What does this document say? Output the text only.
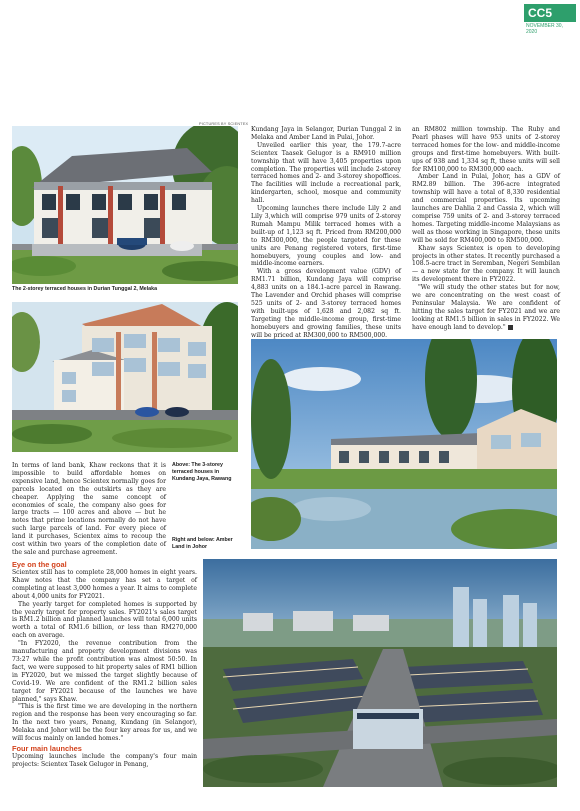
CC5
NOVEMBER 30,
2020
PICTURES BY SCIENTEX
The 2-storey terraced houses in Durian Tunggal 2, Melaka

Kundang Jaya in Selangor, Durian Tunggal 2 in Melaka and Amber Land in Pulai, Johor.

Unveiled earlier this year, the 179.7-acre Scientex Taasek Gelugor is a RM910 million township that will have 3,405 properties upon completion. The properties will include 2-storey terraced homes and 2- and 3-storey shopoffices. The facilities will include a recreational park, kindergarten, school, mosque and community hall.

Upcoming launches there include Lily 2 and Lily 3,which will comprise 979 units of 2-storey Rumah Mampu Milik terraced homes with a built-up of 1,123 sq ft. Priced from RM200,000 to RM300,000, the people targeted for these units are Penang registered voters, first-time homebuyers, young couples and low- and middle-income earners.

With a gross development value (GDV) of RM1.71 billion, Kundang Jaya will comprise 4,883 units on a 184.1-acre parcel in Rawang. The Lavender and Orchid phases will comprise 525 units of 2- and 3-storey terraced homes with built-ups of 1,628 and 2,082 sq ft. Targeting the middle-income group, first-time homebuyers and growing families, these units will be priced at RM300,000 to RM500,000.

an RM802 million township. The Ruby and Pearl phases will have 953 units of 2-storey terraced homes for the low- and middle-income groups and first-time homebuyers. With built-ups of 938 and 1,334 sq ft, these units will sell for RM100,000 to RM300,000 each.

Amber Land in Pulai, Johor, has a GDV of RM2.89 billion. The 396-acre integrated township will have a total of 8,330 residential and commercial properties. Its upcoming launches are Dahlia 2 and Cassia 2, which will comprise 759 units of 2- and 3-storey terraced homes. Targeting middle-income Malaysians as well as those working in Singapore, these units will be sold for RM400,000 to RM500,000.

Khaw says Scientex is open to developing projects in other states. It recently purchased a 108.5-acre tract in Seremban, Negeri Sembilan — a new state for the company. It will launch its development there in FY2022.

"We will study the other states but for now, we are concentrating on the west coast of Peninsular Malaysia. We are confident of hitting the sales target for FY2021 and we are looking at RM1.5 billion in sales in FY2022. We have enough land to develop."

Above: The 3-storey terraced houses in Kundang Jaya, Rawang
Right and below: Amber Land in Johor

In terms of land bank, Khaw reckons that it is impossible to build affordable homes on expensive land, hence Scientex normally goes for parcels located on the outskirts as they are cheaper. Applying the same concept of economies of scale, the company also goes for large tracts — 100 acres and above — but he notes that prime locations normally do not have such large parcels of land. For every piece of land it purchases, Scientex aims to recoup the cost within two years of the completion date of the sale and purchase agreement.

Eye on the goal

Scientex still has to complete 28,000 homes in eight years. Khaw notes that the company has set a target of completing at least 3,000 homes a year. It aims to complete about 4,000 units for FY2021.

The yearly target for completed homes is supported by the yearly target for property sales. FY2021's sales target is RM1.2 billion and planned launches will total 6,000 units worth a total of RM1.6 billion, or less than RM270,000 each on average.

"In FY2020, the revenue contribution from the manufacturing and property development divisions was 73:27 while the profit contribution was almost 50:50. In fact, we were supposed to hit property sales of RM1 billion in FY2020, but we missed the target slightly because of Covid-19. We are confident of the RM1.2 billion sales target for FY2021 because of the launches we have planned," says Khaw.

"This is the first time we are developing in the northern region and the response has been very encouraging so far. In the next two years, Penang, Kundang (in Selangor), Melaka and Johor will be the four key areas for us, and we will focus mainly on landed homes."

Four main launches

Upcoming launches include the company's four main projects: Scientex Tasek Gelugor in Penang,
